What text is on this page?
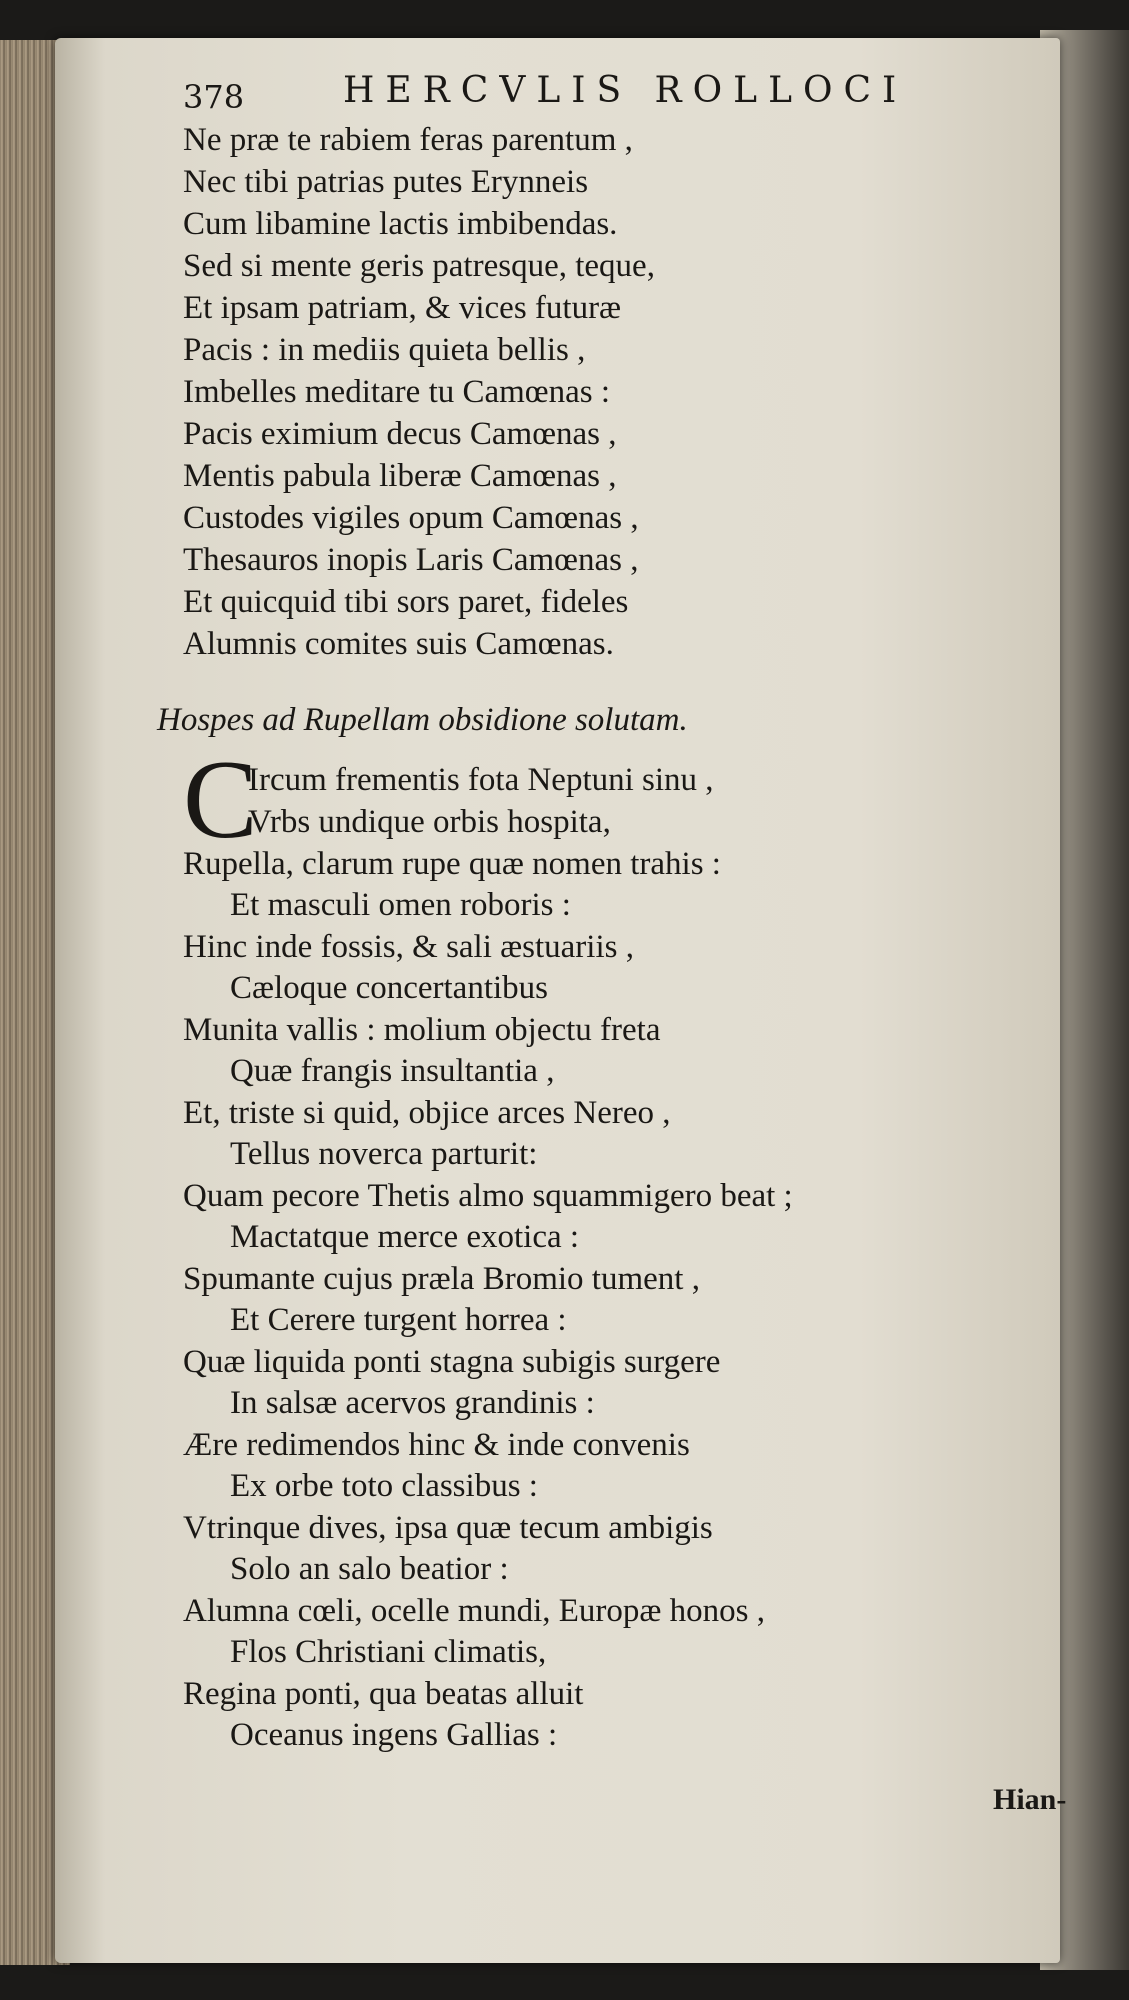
378	HERCVLIS ROLLOCI
Ne præ te rabiem feras parentum ,
Nec tibi patrias putes Erynneis
Cum libamine lactis imbibendas.
Sed si mente geris patresque, teque,
Et ipsam patriam, & vices futuræ
Pacis : in mediis quieta bellis ,
Imbelles meditare tu Camœnas :
Pacis eximium decus Camœnas ,
Mentis pabula liberæ Camœnas ,
Custodes vigiles opum Camœnas ,
Thesauros inopis Laris Camœnas ,
Et quicquid tibi sors paret, fideles
Alumnis comites suis Camœnas.
Hospes ad Rupellam obsidione solutam.
C
Ircum frementis fota Neptuni sinu ,
Vrbs undique orbis hospita,
Rupella, clarum rupe quæ nomen trahis :
Et masculi omen roboris :
Hinc inde fossis, & sali æstuariis ,
Cæloque concertantibus
Munita vallis : molium objectu freta
Quæ frangis insultantia ,
Et, triste si quid, objice arces Nereo ,
Tellus noverca parturit:
Quam pecore Thetis almo squammigero beat ;
Mactatque merce exotica :
Spumante cujus præla Bromio tument ,
Et Cerere turgent horrea :
Quæ liquida ponti stagna subigis surgere
In salsæ acervos grandinis :
Ære redimendos hinc & inde convenis
Ex orbe toto classibus :
Vtrinque dives, ipsa quæ tecum ambigis
Solo an salo beatior :
Alumna cœli, ocelle mundi, Europæ honos ,
Flos Christiani climatis,
Regina ponti, qua beatas alluit
Oceanus ingens Gallias :
Hian-
